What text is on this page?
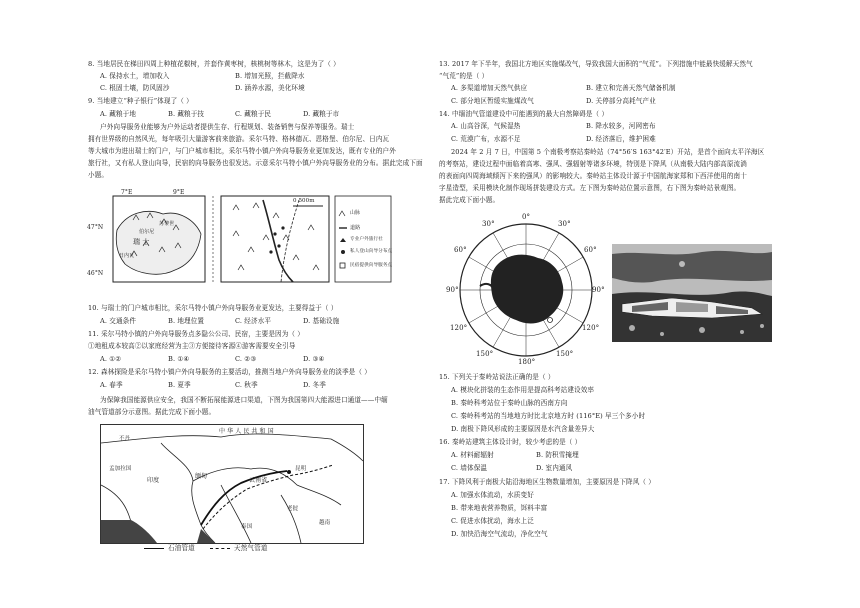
8. 当地居民在梯田四周上种植花椒树，并套作黄枣树，核桃树等林木，这是为了（ ）
A. 保持水土，增加收入	B. 增加光照，拦截降水
C. 根固土壤，防风固沙	D. 涵养水源，美化环境
9. 当地建立“种子银行”体现了（ ）
A. 藏粮于地	B. 藏粮于技	C. 藏粮于民	D. 藏粮于市
户外向导服务业能够为户外运动者提供生存、行程规划、装备销售与保养等服务。瑞士
拥有世界级的自然风光，每年吸引大量游客前来旅游。采尔马特、格林德瓦、恩格堡、伯尔尼、日内瓦
等大城市为进出瑞士的门户，与门户城市相比，采尔马特小镇户外向导服务业更加发达，既有专业的户外
旅行社，又有私人登山向导，民宿的向导服务也很发达。示意采尔马特小镇户外向导服务业的分布。据此完成下面
小题。
7°E	9°E
47°N
46°N
瑞 士
苏黎世
伯尔尼
日内瓦
0 500m
山脉
道路
专业户外旅行社
私人登山向导分布点
民宿提供向导服务点
10. 与瑞士的门户城市相比，采尔马特小镇户外向导服务业更发达，主要得益于（ ）
A. 交通条件	B. 地理位置	C. 经济水平	D. 基础设施
11. 采尔马特小镇的户外向导服务点多隐公公司、民宿，主要是因为（ ）
①地租成本较高②以家庭经营为主③方便接待客源④游客需要安全引导
A. ①②	B. ①④	C. ②③	D. ③④
12. 森林探险是采尔马特小镇户外向导服务的主要活动，推测当地户外向导服务业的淡季是（ ）
A. 春季	B. 夏季	C. 秋季	D. 冬季
为保障我国能源供应安全，我国不断拓展能源进口渠道，下图为我国第四大能源进口通道——中缅
油气管道部分示意图。据此完成下面小题。
中 华 人 民 共 和 国
不丹
孟加拉国
印度
缅甸
云南省
昆明
老挝
泰国
越南
石油管道	天然气管道
13. 2017 年下半年，我国北方地区实施煤改气，导致我国大面积的“气荒”。下列措施中能最快缓解天然气
“气荒”的是（ ）
A. 多渠道增加天然气供应	B. 建立和完善天然气储备机制
C. 部分地区暂缓实施煤改气	D. 关停部分高耗气产业
14. 中缅油气管道建设中可能遇到的最大自然障碍是（ ）
A. 山高谷深，气候湿热	B. 降水较多，河网密布
C. 荒漠广布，水源不足	D. 经济落后，维护困难
2024 年 2 月 7 日，中国第 5 个南极考察站秦岭站（74°56′S 163°42′E）开站，是首个面向太平洋海区
的考察站，建设过程中面临着高寒、强风、强辐射等诸多环境，特别是下降风（从南极大陆内部高原流淌
的表面向四周海域倾泻下来的强风）的影响较大。秦岭站主体设计源于中国航海家郑和下西洋使用的南十
字星造型，采用模块化制作现场拼装建设方式。左下图为秦岭站位置示意图，右下图为秦岭站景观图。
据此完成下面小题。
0°
30°
60°
90°
120°
150°
180°
150°
120°
90°
60°
30°
15. 下列关于秦岭站说法正确的是（ ）
A. 模块化拼装的生态作用是提高科考站建设效率
B. 秦岭科考站位于秦岭山脉的西南方向
C. 秦岭科考站的当地地方时比北京地方时 (116°E) 早三个多小时
D. 南极下降风形成的主要原因是水汽含量差异大
16. 秦岭站建筑主体设计时，较少考虑的是（ ）
A. 材料耐辐射	B. 防积雪掩埋
C. 墙体保温	D. 室内通风
17. 下降风利于南极大陆沿海地区生物数量增加，主要原因是下降风（ ）
A. 加强水体流动，水质变好
B. 带来地表营养物质，饵料丰富
C. 促进水体扰动，海水上泛
D. 加快沿海空气流动，净化空气
